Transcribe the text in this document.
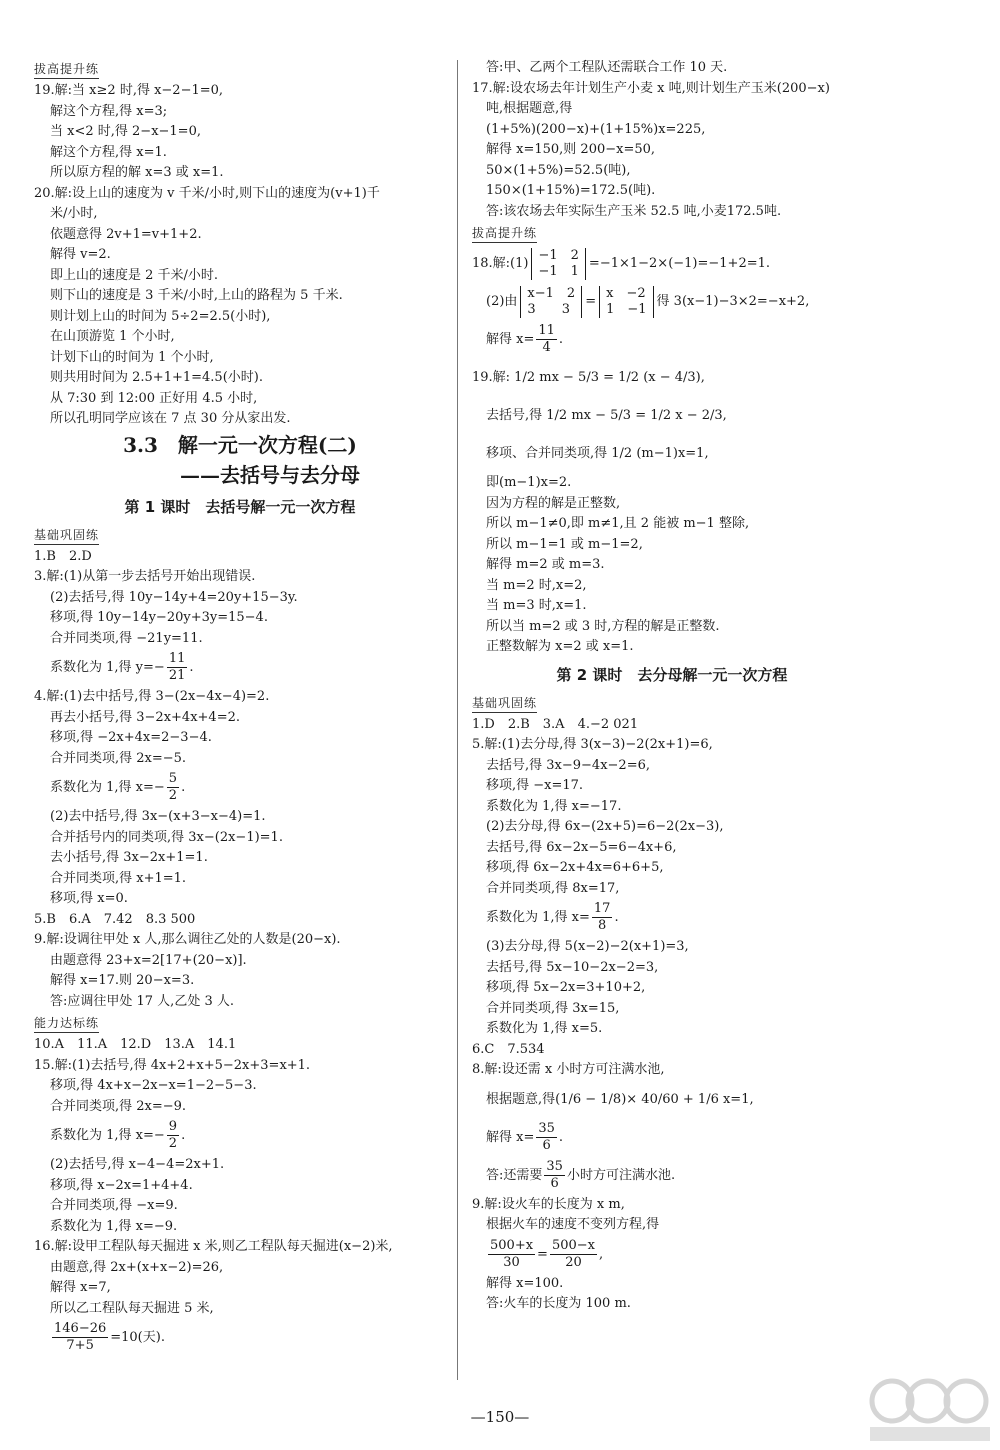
拔高提升练
19.解:当 x≥2 时,得 x−2−1=0,
解这个方程,得 x=3;
当 x<2 时,得 2−x−1=0,
解这个方程,得 x=1.
所以原方程的解 x=3 或 x=1.
20.解:设上山的速度为 v 千米/小时,则下山的速度为(v+1)千
米/小时,
依题意得 2v+1=v+1+2.
解得 v=2.
即上山的速度是 2 千米/小时.
则下山的速度是 3 千米/小时,上山的路程为 5 千米.
则计划上山的时间为 5÷2=2.5(小时),
在山顶游览 1 个小时,
计划下山的时间为 1 个小时,
则共用时间为 2.5+1+1=4.5(小时).
从 7:30 到 12:00 正好用 4.5 小时,
所以孔明同学应该在 7 点 30 分从家出发.
3.3　解一元一次方程(二)
——去括号与去分母
第 1 课时　去括号解一元一次方程
基础巩固练
1.B　2.D
3.解:(1)从第一步去括号开始出现错误.
(2)去括号,得 10y−14y+4=20y+15−3y.
移项,得 10y−14y−20y+3y=15−4.
合并同类项,得 −21y=11.
系数化为 1,得 $y=- \frac{11}{21}$ .
4.解:(1)去中括号,得 3−(2x−4x−4)=2.
再去小括号,得 3−2x+4x+4=2.
移项,得 −2x+4x=2−3−4.
合并同类项,得 2x=−5.
系数化为 1,得 $x=- \frac{5}{2}$ .
(2)去中括号,得 3x−(x+3−x−4)=1.
合并括号内的同类项,得 3x−(2x−1)=1.
去小括号,得 3x−2x+1=1.
合并同类项,得 x+1=1.
移项,得 x=0.
5.B　6.A　7.42　8.3 500
9.解:设调往甲处 x 人,那么调往乙处的人数是(20−x).
由题意得 23+x=2[17+(20−x)].
解得 x=17.则 20−x=3.
答:应调往甲处 17 人,乙处 3 人.
能力达标练
10.A　11.A　12.D　13.A　14.1
15.解:(1)去括号,得 4x+2+x+5−2x+3=x+1.
移项,得 4x+x−2x−x=1−2−5−3.
合并同类项,得 2x=−9.
系数化为 1,得 $x=- \frac{9}{2}$ .
(2)去括号,得 x−4−4=2x+1.
移项,得 x−2x=1+4+4.
合并同类项,得 −x=9.
系数化为 1,得 x=−9.
16.解:设甲工程队每天掘进 x 米,则乙工程队每天掘进(x−2)米,
由题意,得 2x+(x+x−2)=26,
解得 x=7,
所以乙工程队每天掘进 5 米,
$\frac{146-26}{7+5} =10$(天).
答:甲、乙两个工程队还需联合工作 10 天.
17.解:设农场去年计划生产小麦 x 吨,则计划生产玉米(200−x)
吨,根据题意,得
(1+5%)(200−x)+(1+15%)x=225,
解得 x=150,则 200−x=50,
50×(1+5%)=52.5(吨),
150×(1+15%)=172.5(吨).
答:该农场去年实际生产玉米 52.5 吨,小麦172.5吨.
拔高提升练
18.解:(1)
−1　2
−1　1 =−1×1−2×(−1)=−1+2=1.
(2)由
x−1　2
3　　3	=
x　−2
1　−1 得 3(x−1)−3×2=−x+2,
解得 $x= \frac{11}{4}$ .
19.解: 1/2 mx − 5/3 = 1/2 (x − 4/3),
去括号,得 1/2 mx − 5/3 = 1/2 x − 2/3,
移项、合并同类项,得 1/2 (m−1)x=1,
即(m−1)x=2.
因为方程的解是正整数,
所以 m−1≠0,即 m≠1,且 2 能被 m−1 整除,
所以 m−1=1 或 m−1=2,
解得 m=2 或 m=3.
当 m=2 时,x=2,
当 m=3 时,x=1.
所以当 m=2 或 3 时,方程的解是正整数.
正整数解为 x=2 或 x=1.
第 2 课时　去分母解一元一次方程
基础巩固练
1.D　2.B　3.A　4.−2 021
5.解:(1)去分母,得 3(x−3)−2(2x+1)=6,
去括号,得 3x−9−4x−2=6,
移项,得 −x=17.
系数化为 1,得 x=−17.
(2)去分母,得 6x−(2x+5)=6−2(2x−3),
去括号,得 6x−2x−5=6−4x+6,
移项,得 6x−2x+4x=6+6+5,
合并同类项,得 8x=17,
系数化为 1,得 $x= \frac{17}{8}$ .
(3)去分母,得 5(x−2)−2(x+1)=3,
去括号,得 5x−10−2x−2=3,
移项,得 5x−2x=3+10+2,
合并同类项,得 3x=15,
系数化为 1,得 x=5.
6.C　7.534
8.解:设还需 x 小时方可注满水池,
根据题意,得(1/6 − 1/8)× 40/60 + 1/6 x=1,
解得 $x= \frac{35}{6}$ .
答:还需要 $\frac{35}{6}$ 小时方可注满水池.
9.解:设火车的长度为 x m,
根据火车的速度不变列方程,得
$\frac{500+x}{30} = \frac{500-x}{20}$ ,
解得 x=100.
答:火车的长度为 100 m.
—150—
